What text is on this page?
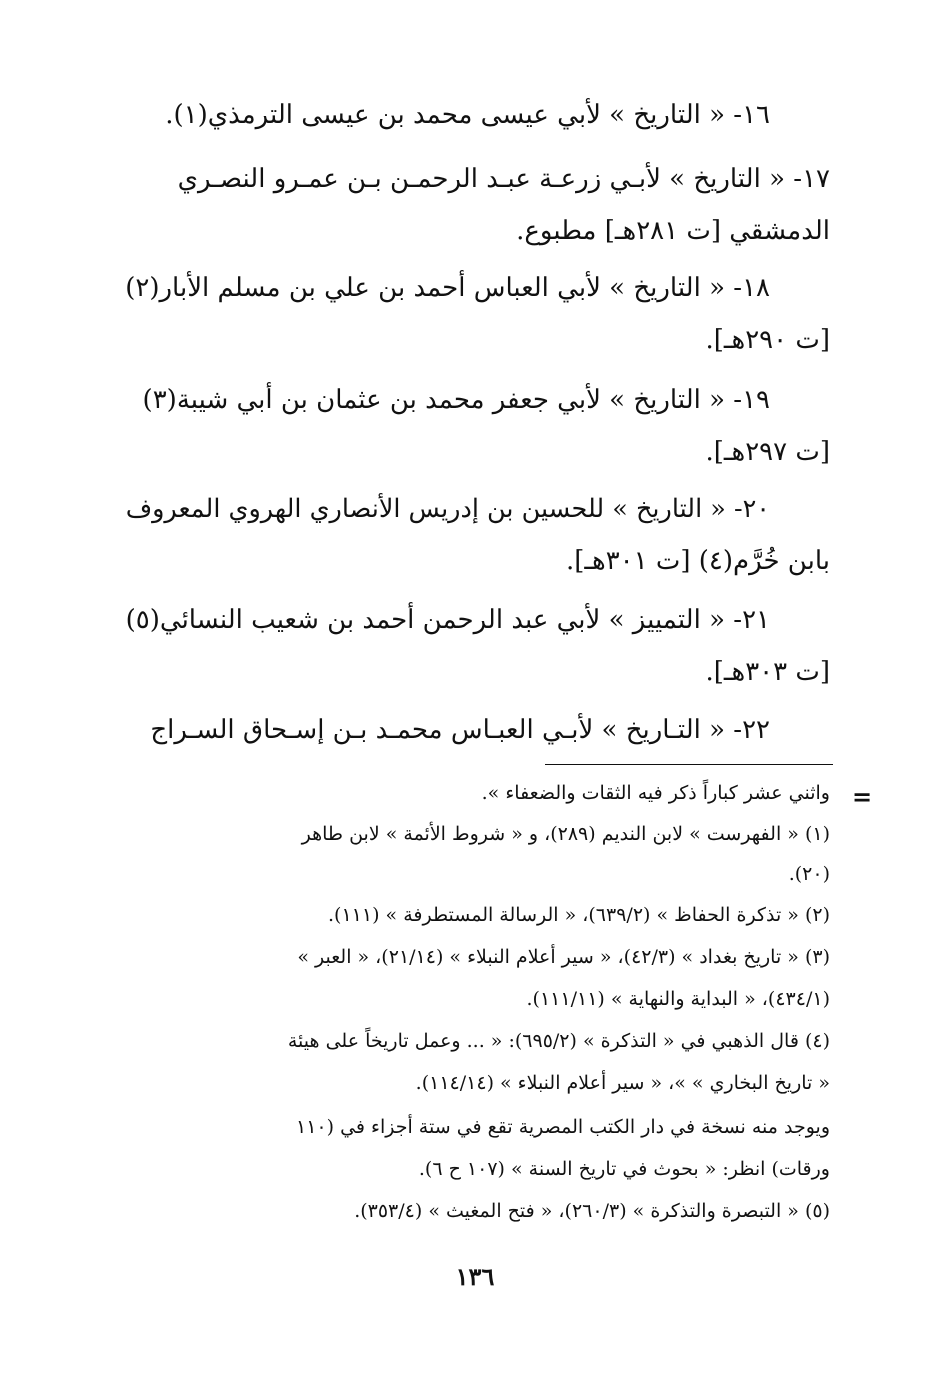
١٦- « التاريخ » لأبي عيسى محمد بن عيسى الترمذي(١).
١٧- « التاريخ » لأبـي زرعـة عبـد الرحمـن بـن عمـرو النصـري
الدمشقي [ت ٢٨١هـ] مطبوع.
١٨- « التاريخ » لأبي العباس أحمد بن علي بن مسلم الأبار(٢)
[ت ٢٩٠هـ].
١٩- « التاريخ » لأبي جعفر محمد بن عثمان بن أبي شيبة(٣)
[ت ٢٩٧هـ].
٢٠- « التاريخ » للحسين بن إدريس الأنصاري الهروي المعروف
بابن خُرَّم(٤) [ت ٣٠١هـ].
٢١- « التمييز » لأبي عبد الرحمن أحمد بن شعيب النسائي(٥)
[ت ٣٠٣هـ].
٢٢- « التـاريخ » لأبـي العبـاس محمـد بـن إسـحاق السـراج
=
واثني عشر كباراً ذكر فيه الثقات والضعفاء ».
(١) « الفهرست » لابن النديم (٢٨٩)، و « شروط الأئمة » لابن طاهر
(٢٠).
(٢) « تذكرة الحفاظ » (٦٣٩/٢)، « الرسالة المستطرفة » (١١١).
(٣) « تاريخ بغداد » (٤٢/٣)، « سير أعلام النبلاء » (٢١/١٤)، « العبر »
(٤٣٤/١)، « البداية والنهاية » (١١١/١١).
(٤) قال الذهبي في « التذكرة » (٦٩٥/٢): « ... وعمل تاريخاً على هيئة
« تاريخ البخاري » »، « سير أعلام النبلاء » (١١٤/١٤).
ويوجد منه نسخة في دار الكتب المصرية تقع في ستة أجزاء في (١١٠
ورقات) انظر: « بحوث في تاريخ السنة » (١٠٧ ح ٦).
(٥) « التبصرة والتذكرة » (٢٦٠/٣)، « فتح المغيث » (٣٥٣/٤).
١٣٦
